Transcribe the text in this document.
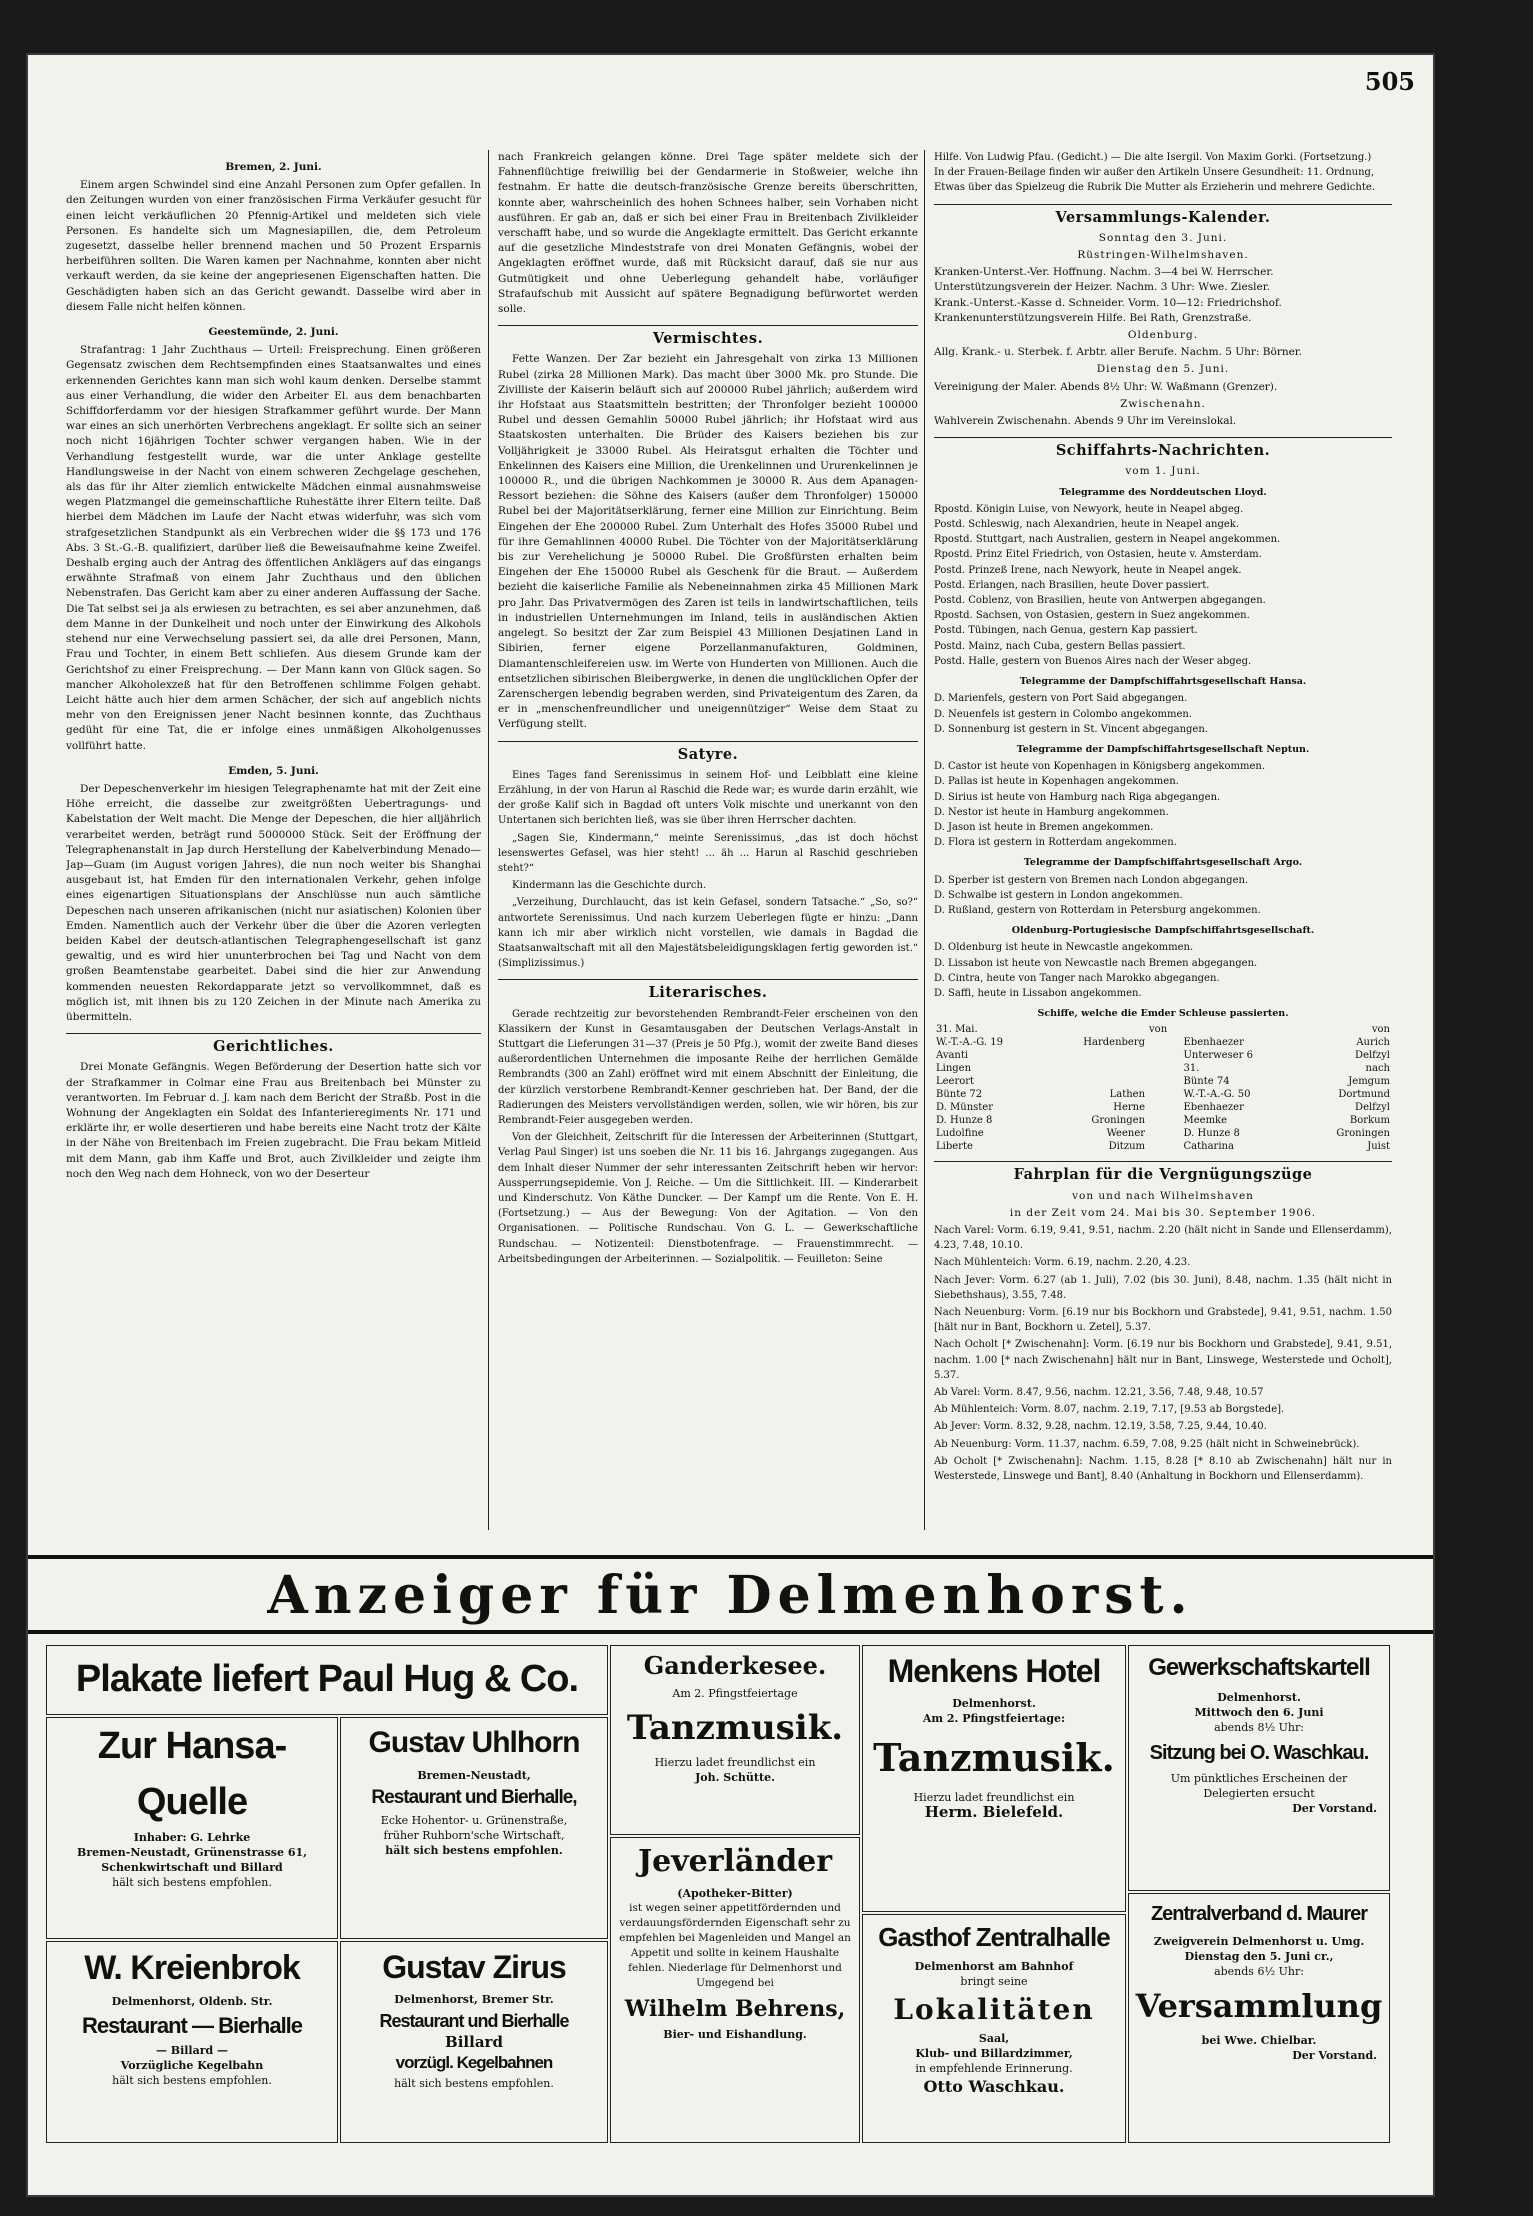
505
Bremen, 2. Juni.

Einem argen Schwindel sind eine Anzahl Personen zum Opfer gefallen. In den Zeitungen wurden von einer französischen Firma Verkäufer gesucht für einen leicht verkäuflichen 20 Pfennig-Artikel und meldeten sich viele Personen. Es handelte sich um Magnesiapillen, die, dem Petroleum zugesetzt, dasselbe heller brennend machen und 50 Prozent Ersparnis herbeiführen sollten. Die Waren kamen per Nachnahme, konnten aber nicht verkauft werden, da sie keine der angepriesenen Eigenschaften hatten. Die Geschädigten haben sich an das Gericht gewandt. Dasselbe wird aber in diesem Falle nicht helfen können.

Geestemünde, 2. Juni.

Strafantrag: 1 Jahr Zuchthaus — Urteil: Freisprechung. Einen größeren Gegensatz zwischen dem Rechtsempfinden eines Staatsanwaltes und eines erkennenden Gerichtes kann man sich wohl kaum denken. Derselbe stammt aus einer Verhandlung, die wider den Arbeiter El. aus dem benachbarten Schiffdorferdamm vor der hiesigen Strafkammer geführt wurde. Der Mann war eines an sich unerhörten Verbrechens angeklagt. Er sollte sich an seiner noch nicht 16jährigen Tochter schwer vergangen haben. Wie in der Verhandlung festgestellt wurde, war die unter Anklage gestellte Handlungsweise in der Nacht von einem schweren Zechgelage geschehen, als das für ihr Alter ziemlich entwickelte Mädchen einmal ausnahmsweise wegen Platzmangel die gemeinschaftliche Ruhestätte ihrer Eltern teilte. Daß hierbei dem Mädchen im Laufe der Nacht etwas widerfuhr, was sich vom strafgesetzlichen Standpunkt als ein Verbrechen wider die §§ 173 und 176 Abs. 3 St.-G.-B. qualifiziert, darüber ließ die Beweisaufnahme keine Zweifel. Deshalb erging auch der Antrag des öffentlichen Anklägers auf das eingangs erwähnte Strafmaß von einem Jahr Zuchthaus und den üblichen Nebenstrafen. Das Gericht kam aber zu einer anderen Auffassung der Sache. Die Tat selbst sei ja als erwiesen zu betrachten, es sei aber anzunehmen, daß dem Manne in der Dunkelheit und noch unter der Einwirkung des Alkohols stehend nur eine Verwechselung passiert sei, da alle drei Personen, Mann, Frau und Tochter, in einem Bett schliefen. Aus diesem Grunde kam der Gerichtshof zu einer Freisprechung. — Der Mann kann von Glück sagen. So mancher Alkoholexzeß hat für den Betroffenen schlimme Folgen gehabt. Leicht hätte auch hier dem armen Schächer, der sich auf angeblich nichts mehr von den Ereignissen jener Nacht besinnen konnte, das Zuchthaus gedüht für eine Tat, die er infolge eines unmäßigen Alkoholgenusses vollführt hatte.

Emden, 5. Juni.

Der Depeschenverkehr im hiesigen Telegraphenamte hat mit der Zeit eine Höhe erreicht, die dasselbe zur zweitgrößten Uebertragungs- und Kabelstation der Welt macht. Die Menge der Depeschen, die hier alljährlich verarbeitet werden, beträgt rund 5000000 Stück. Seit der Eröffnung der Telegraphenanstalt in Jap durch Herstellung der Kabelverbindung Menado—Jap—Guam (im August vorigen Jahres), die nun noch weiter bis Shanghai ausgebaut ist, hat Emden für den internationalen Verkehr, gehen infolge eines eigenartigen Situationsplans der Anschlüsse nun auch sämtliche Depeschen nach unseren afrikanischen (nicht nur asiatischen) Kolonien über Emden. Namentlich auch der Verkehr über die über die Azoren verlegten beiden Kabel der deutsch-atlantischen Telegraphengesellschaft ist ganz gewaltig, und es wird hier ununterbrochen bei Tag und Nacht von dem großen Beamtenstabe gearbeitet. Dabei sind die hier zur Anwendung kommenden neuesten Rekordapparate jetzt so vervollkommnet, daß es möglich ist, mit ihnen bis zu 120 Zeichen in der Minute nach Amerika zu übermitteln.

Gerichtliches.

Drei Monate Gefängnis. Wegen Beförderung der Desertion hatte sich vor der Strafkammer in Colmar eine Frau aus Breitenbach bei Münster zu verantworten. Im Februar d. J. kam nach dem Bericht der Straßb. Post in die Wohnung der Angeklagten ein Soldat des Infanterieregiments Nr. 171 und erklärte ihr, er wolle desertieren und habe bereits eine Nacht trotz der Kälte in der Nähe von Breitenbach im Freien zugebracht. Die Frau bekam Mitleid mit dem Mann, gab ihm Kaffe und Brot, auch Zivilkleider und zeigte ihm noch den Weg nach dem Hohneck, von wo der Deserteur

nach Frankreich gelangen könne. Drei Tage später meldete sich der Fahnenflüchtige freiwillig bei der Gendarmerie in Stoßweier, welche ihn festnahm. Er hatte die deutsch-französische Grenze bereits überschritten, konnte aber, wahrscheinlich des hohen Schnees halber, sein Vorhaben nicht ausführen. Er gab an, daß er sich bei einer Frau in Breitenbach Zivilkleider verschafft habe, und so wurde die Angeklagte ermittelt. Das Gericht erkannte auf die gesetzliche Mindeststrafe von drei Monaten Gefängnis, wobei der Angeklagten eröffnet wurde, daß mit Rücksicht darauf, daß sie nur aus Gutmütigkeit und ohne Ueberlegung gehandelt habe, vorläufiger Strafaufschub mit Aussicht auf spätere Begnadigung befürwortet werden solle.

Vermischtes.

Fette Wanzen. Der Zar bezieht ein Jahresgehalt von zirka 13 Millionen Rubel (zirka 28 Millionen Mark). Das macht über 3000 Mk. pro Stunde. Die Zivilliste der Kaiserin beläuft sich auf 200000 Rubel jährlich; außerdem wird ihr Hofstaat aus Staatsmitteln bestritten; der Thronfolger bezieht 100000 Rubel und dessen Gemahlin 50000 Rubel jährlich; ihr Hofstaat wird aus Staatskosten unterhalten. Die Brüder des Kaisers beziehen bis zur Volljährigkeit je 33000 Rubel. Als Heiratsgut erhalten die Töchter und Enkelinnen des Kaisers eine Million, die Urenkelinnen und Ururenkelinnen je 100000 R., und die übrigen Nachkommen je 30000 R. Aus dem Apanagen-Ressort beziehen: die Söhne des Kaisers (außer dem Thronfolger) 150000 Rubel bei der Majoritätserklärung, ferner eine Million zur Einrichtung. Beim Eingehen der Ehe 200000 Rubel. Zum Unterhalt des Hofes 35000 Rubel und für ihre Gemahlinnen 40000 Rubel. Die Töchter von der Majoritätserklärung bis zur Verehelichung je 50000 Rubel. Die Großfürsten erhalten beim Eingehen der Ehe 150000 Rubel als Geschenk für die Braut. — Außerdem bezieht die kaiserliche Familie als Nebeneinnahmen zirka 45 Millionen Mark pro Jahr. Das Privatvermögen des Zaren ist teils in landwirtschaftlichen, teils in industriellen Unternehmungen im Inland, teils in ausländischen Aktien angelegt. So besitzt der Zar zum Beispiel 43 Millionen Desjatinen Land in Sibirien, ferner eigene Porzellanmanufakturen, Goldminen, Diamantenschleifereien usw. im Werte von Hunderten von Millionen. Auch die entsetzlichen sibirischen Bleibergwerke, in denen die unglücklichen Opfer der Zarenschergen lebendig begraben werden, sind Privateigentum des Zaren, da er in „menschenfreundlicher und uneigennütziger“ Weise dem Staat zu Verfügung stellt.

Satyre.

Eines Tages fand Serenissimus in seinem Hof- und Leibblatt eine kleine Erzählung, in der von Harun al Raschid die Rede war; es wurde darin erzählt, wie der große Kalif sich in Bagdad oft unters Volk mischte und unerkannt von den Untertanen sich berichten ließ, was sie über ihren Herrscher dachten.

„Sagen Sie, Kindermann,“ meinte Serenissimus, „das ist doch höchst lesenswertes Gefasel, was hier steht! ... äh ... Harun al Raschid geschrieben steht?“

Kindermann las die Geschichte durch.

„Verzeihung, Durchlaucht, das ist kein Gefasel, sondern Tatsache.“ „So, so?“ antwortete Serenissimus. Und nach kurzem Ueberlegen fügte er hinzu: „Dann kann ich mir aber wirklich nicht vorstellen, wie damals in Bagdad die Staatsanwaltschaft mit all den Majestätsbeleidigungsklagen fertig geworden ist.“ (Simplizissimus.)

Literarisches.

Gerade rechtzeitig zur bevorstehenden Rembrandt-Feier erscheinen von den Klassikern der Kunst in Gesamtausgaben der Deutschen Verlags-Anstalt in Stuttgart die Lieferungen 31—37 (Preis je 50 Pfg.), womit der zweite Band dieses außerordentlichen Unternehmen die imposante Reihe der herrlichen Gemälde Rembrandts (300 an Zahl) eröffnet wird mit einem Abschnitt der Einleitung, die der kürzlich verstorbene Rembrandt-Kenner geschrieben hat. Der Band, der die Radierungen des Meisters vervollständigen werden, sollen, wie wir hören, bis zur Rembrandt-Feier ausgegeben werden.

Von der Gleichheit, Zeitschrift für die Interessen der Arbeiterinnen (Stuttgart, Verlag Paul Singer) ist uns soeben die Nr. 11 bis 16. Jahrgangs zugegangen. Aus dem Inhalt dieser Nummer der sehr interessanten Zeitschrift heben wir hervor: Aussperrungsepidemie. Von J. Reiche. — Um die Sittlichkeit. III. — Kinderarbeit und Kinderschutz. Von Käthe Duncker. — Der Kampf um die Rente. Von E. H. (Fortsetzung.) — Aus der Bewegung: Von der Agitation. — Von den Organisationen. — Politische Rundschau. Von G. L. — Gewerkschaftliche Rundschau. — Notizenteil: Dienstbotenfrage. — Frauenstimmrecht. — Arbeitsbedingungen der Arbeiterinnen. — Sozialpolitik. — Feuilleton: Seine

Hilfe. Von Ludwig Pfau. (Gedicht.) — Die alte Isergil. Von Maxim Gorki. (Fortsetzung.)

In der Frauen-Beilage finden wir außer den Artikeln Unsere Gesundheit: 11. Ordnung, Etwas über das Spielzeug die Rubrik Die Mutter als Erzieherin und mehrere Gedichte.

Versammlungs-Kalender.

Sonntag den 3. Juni.

Rüstringen-Wilhelmshaven.

Kranken-Unterst.-Ver. Hoffnung. Nachm. 3—4 bei W. Herrscher.

Unterstützungsverein der Heizer. Nachm. 3 Uhr: Wwe. Ziesler.

Krank.-Unterst.-Kasse d. Schneider. Vorm. 10—12: Friedrichshof.

Krankenunterstützungsverein Hilfe. Bei Rath, Grenzstraße.

Oldenburg.

Allg. Krank.- u. Sterbek. f. Arbtr. aller Berufe. Nachm. 5 Uhr: Börner.

Dienstag den 5. Juni.

Vereinigung der Maler. Abends 8½ Uhr: W. Waßmann (Grenzer).

Zwischenahn.

Wahlverein Zwischenahn. Abends 9 Uhr im Vereinslokal.

Schiffahrts-Nachrichten.

vom 1. Juni.

Telegramme des Norddeutschen Lloyd.
Rpostd. Königin Luise, von Newyork, heute in Neapel abgeg.
Postd. Schleswig, nach Alexandrien, heute in Neapel angek.
Rpostd. Stuttgart, nach Australien, gestern in Neapel angekommen.
Rpostd. Prinz Eitel Friedrich, von Ostasien, heute v. Amsterdam.
Postd. Prinzeß Irene, nach Newyork, heute in Neapel angek.
Postd. Erlangen, nach Brasilien, heute Dover passiert.
Postd. Coblenz, von Brasilien, heute von Antwerpen abgegangen.
Rpostd. Sachsen, von Ostasien, gestern in Suez angekommen.
Postd. Tübingen, nach Genua, gestern Kap passiert.
Postd. Mainz, nach Cuba, gestern Bellas passiert.
Postd. Halle, gestern von Buenos Aires nach der Weser abgeg.
Telegramme der Dampfschiffahrtsgesellschaft Hansa.
D. Marienfels, gestern von Port Said abgegangen.
D. Neuenfels ist gestern in Colombo angekommen.
D. Sonnenburg ist gestern in St. Vincent abgegangen.
Telegramme der Dampfschiffahrtsgesellschaft Neptun.
D. Castor ist heute von Kopenhagen in Königsberg angekommen.
D. Pallas ist heute in Kopenhagen angekommen.
D. Sirius ist heute von Hamburg nach Riga abgegangen.
D. Nestor ist heute in Hamburg angekommen.
D. Jason ist heute in Bremen angekommen.
D. Flora ist gestern in Rotterdam angekommen.
Telegramme der Dampfschiffahrtsgesellschaft Argo.
D. Sperber ist gestern von Bremen nach London abgegangen.
D. Schwalbe ist gestern in London angekommen.
D. Rußland, gestern von Rotterdam in Petersburg angekommen.
Oldenburg-Portugiesische Dampfschiffahrtsgesellschaft.
D. Oldenburg ist heute in Newcastle angekommen.
D. Lissabon ist heute von Newcastle nach Bremen abgegangen.
D. Cintra, heute von Tanger nach Marokko abgegangen.
D. Saffi, heute in Lissabon angekommen.
Schiffe, welche die Emder Schleuse passierten.
31. Mai.		von			von
W.-T.-A.-G. 19	Hardenberg		Ebenhaezer		Aurich
Avanti			Unterweser 6		Delfzyl
Lingen			31.		nach
Leerort			Bünte 74		Jemgum
Bünte 72	Lathen		W.-T.-A.-G. 50		Dortmund
D. Münster	Herne		Ebenhaezer		Delfzyl
D. Hunze 8	Groningen		Meemke		Borkum
Ludolfine	Weener		D. Hunze 8		Groningen
Liberte	Ditzum		Catharina		Juist
Fahrplan für die Vergnügungszüge

von und nach Wilhelmshaven

in der Zeit vom 24. Mai bis 30. September 1906.

Nach Varel: Vorm. 6.19, 9.41, 9.51, nachm. 2.20 (hält nicht in Sande und Ellenserdamm), 4.23, 7.48, 10.10.
Nach Mühlenteich: Vorm. 6.19, nachm. 2.20, 4.23.
Nach Jever: Vorm. 6.27 (ab 1. Juli), 7.02 (bis 30. Juni), 8.48, nachm. 1.35 (hält nicht in Siebethshaus), 3.55, 7.48.
Nach Neuenburg: Vorm. [6.19 nur bis Bockhorn und Grabstede], 9.41, 9.51, nachm. 1.50 [hält nur in Bant, Bockhorn u. Zetel], 5.37.
Nach Ocholt [* Zwischenahn]: Vorm. [6.19 nur bis Bockhorn und Grabstede], 9.41, 9.51, nachm. 1.00 [* nach Zwischenahn] hält nur in Bant, Linswege, Westerstede und Ocholt], 5.37.
Ab Varel: Vorm. 8.47, 9.56, nachm. 12.21, 3.56, 7.48, 9.48, 10.57
Ab Mühlenteich: Vorm. 8.07, nachm. 2.19, 7.17, [9.53 ab Borgstede].
Ab Jever: Vorm. 8.32, 9.28, nachm. 12.19, 3.58, 7.25, 9.44, 10.40.
Ab Neuenburg: Vorm. 11.37, nachm. 6.59, 7.08, 9.25 (hält nicht in Schweinebrück).
Ab Ocholt [* Zwischenahn]: Nachm. 1.15, 8.28 [* 8.10 ab Zwischenahn] hält nur in Westerstede, Linswege und Bant], 8.40 (Anhaltung in Bockhorn und Ellenserdamm).
Anzeiger für Delmenhorst.
Plakate liefert Paul Hug & Co.
Zur Hansa-Quelle
Inhaber: G. Lehrke
Bremen-Neustadt, Grünenstrasse 61,
Schenkwirtschaft und Billard
hält sich bestens empfohlen.
Gustav Uhlhorn
Bremen-Neustadt,
Restaurant und Bierhalle,
Ecke Hohentor- u. Grünenstraße,
früher Ruhborn'sche Wirtschaft,
hält sich bestens empfohlen.
W. Kreienbrok
Delmenhorst, Oldenb. Str.
Restaurant — Bierhalle
— Billard —
Vorzügliche Kegelbahn
hält sich bestens empfohlen.
Gustav Zirus
Delmenhorst, Bremer Str.
Restaurant und Bierhalle
Billard
vorzügl. Kegelbahnen
hält sich bestens empfohlen.
Ganderkesee.
Am 2. Pfingstfeiertage
Tanzmusik.
Hierzu ladet freundlichst ein
Joh. Schütte.
Jeverländer
(Apotheker-Bitter)
ist wegen seiner appetitfördernden und verdauungsfördernden Eigenschaft sehr zu empfehlen bei Magenleiden und Mangel an Appetit und sollte in keinem Haushalte fehlen. Niederlage für Delmenhorst und Umgegend bei
Wilhelm Behrens,
Bier- und Eishandlung.
Menkens Hotel
Delmenhorst.
Am 2. Pfingstfeiertage:
Tanzmusik.
Hierzu ladet freundlichst ein
Herm. Bielefeld.
Gasthof Zentralhalle
Delmenhorst am Bahnhof
bringt seine
Lokalitäten
Saal,
Klub- und Billardzimmer,
in empfehlende Erinnerung.
Otto Waschkau.
Gewerkschaftskartell
Delmenhorst.
Mittwoch den 6. Juni
abends 8½ Uhr:
Sitzung bei O. Waschkau.
Um pünktliches Erscheinen der Delegierten ersucht
Der Vorstand.
Zentralverband d. Maurer
Zweigverein Delmenhorst u. Umg.
Dienstag den 5. Juni cr.,
abends 6½ Uhr:
Versammlung
bei Wwe. Chielbar.
Der Vorstand.
